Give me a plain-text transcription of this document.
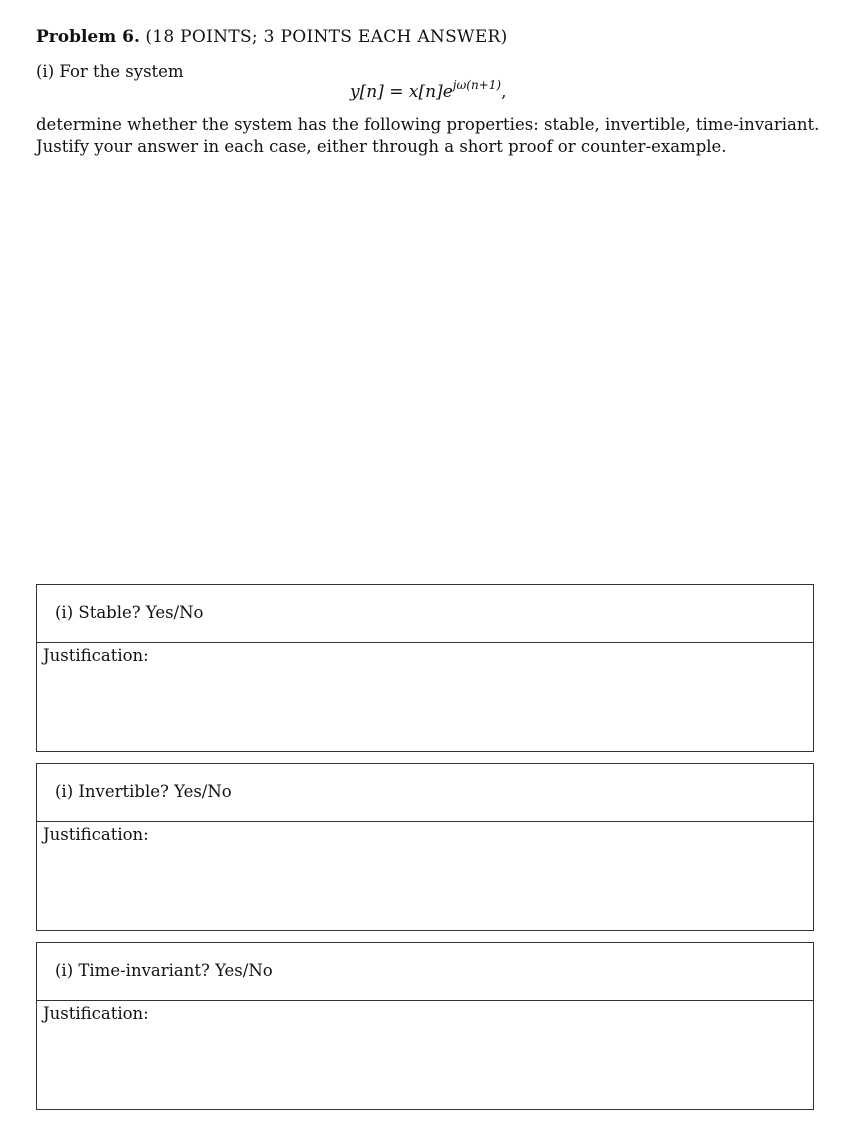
Problem 6. (18 POINTS; 3 POINTS EACH ANSWER)
(i) For the system
$y[n] = x[n]e^{j\omega(n+1)}$,
determine whether the system has the following properties: stable, invertible, time-invariant.
Justify your answer in each case, either through a short proof or counter-example.
(i) Stable? Yes/No
Justification:
(i) Invertible? Yes/No
Justification:
(i) Time-invariant? Yes/No
Justification:
